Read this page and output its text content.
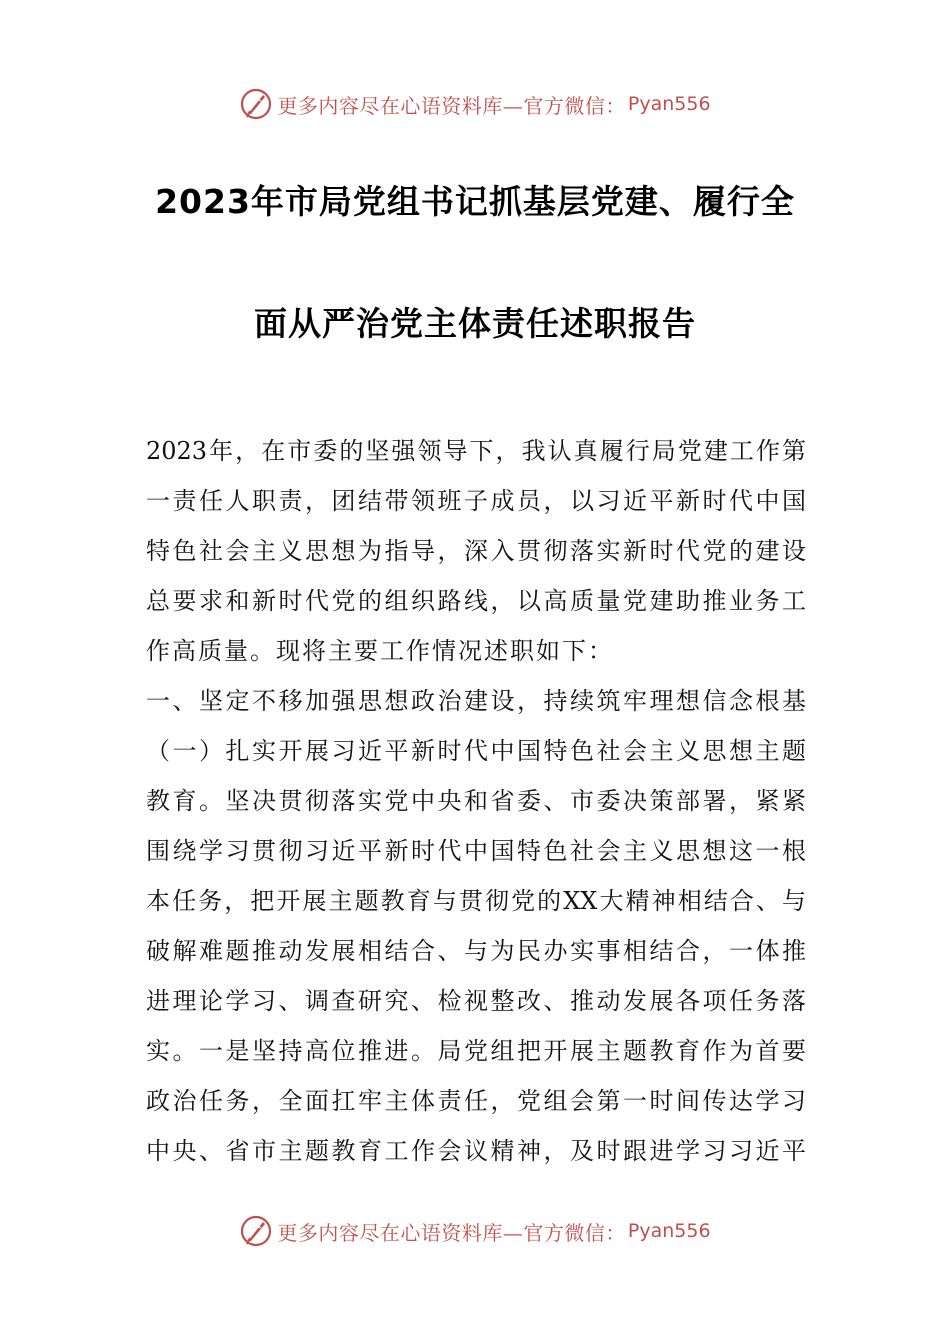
更多内容尽在心语资料库—官方微信： Pyan556
2023年市局党组书记抓基层党建、履行全
面从严治党主体责任述职报告
2023年，在市委的坚强领导下，我认真履行局党建工作第
一责任人职责，团结带领班子成员，以习近平新时代中国
特色社会主义思想为指导，深入贯彻落实新时代党的建设
总要求和新时代党的组织路线，以高质量党建助推业务工
作高质量。现将主要工作情况述职如下：
一、坚定不移加强思想政治建设，持续筑牢理想信念根基
（一）扎实开展习近平新时代中国特色社会主义思想主题
教育。坚决贯彻落实党中央和省委、市委决策部署，紧紧
围绕学习贯彻习近平新时代中国特色社会主义思想这一根
本任务，把开展主题教育与贯彻党的XX大精神相结合、与
破解难题推动发展相结合、与为民办实事相结合，一体推
进理论学习、调查研究、检视整改、推动发展各项任务落
实。一是坚持高位推进。局党组把开展主题教育作为首要
政治任务，全面扛牢主体责任，党组会第一时间传达学习
中央、省市主题教育工作会议精神，及时跟进学习习近平
更多内容尽在心语资料库—官方微信： Pyan556
